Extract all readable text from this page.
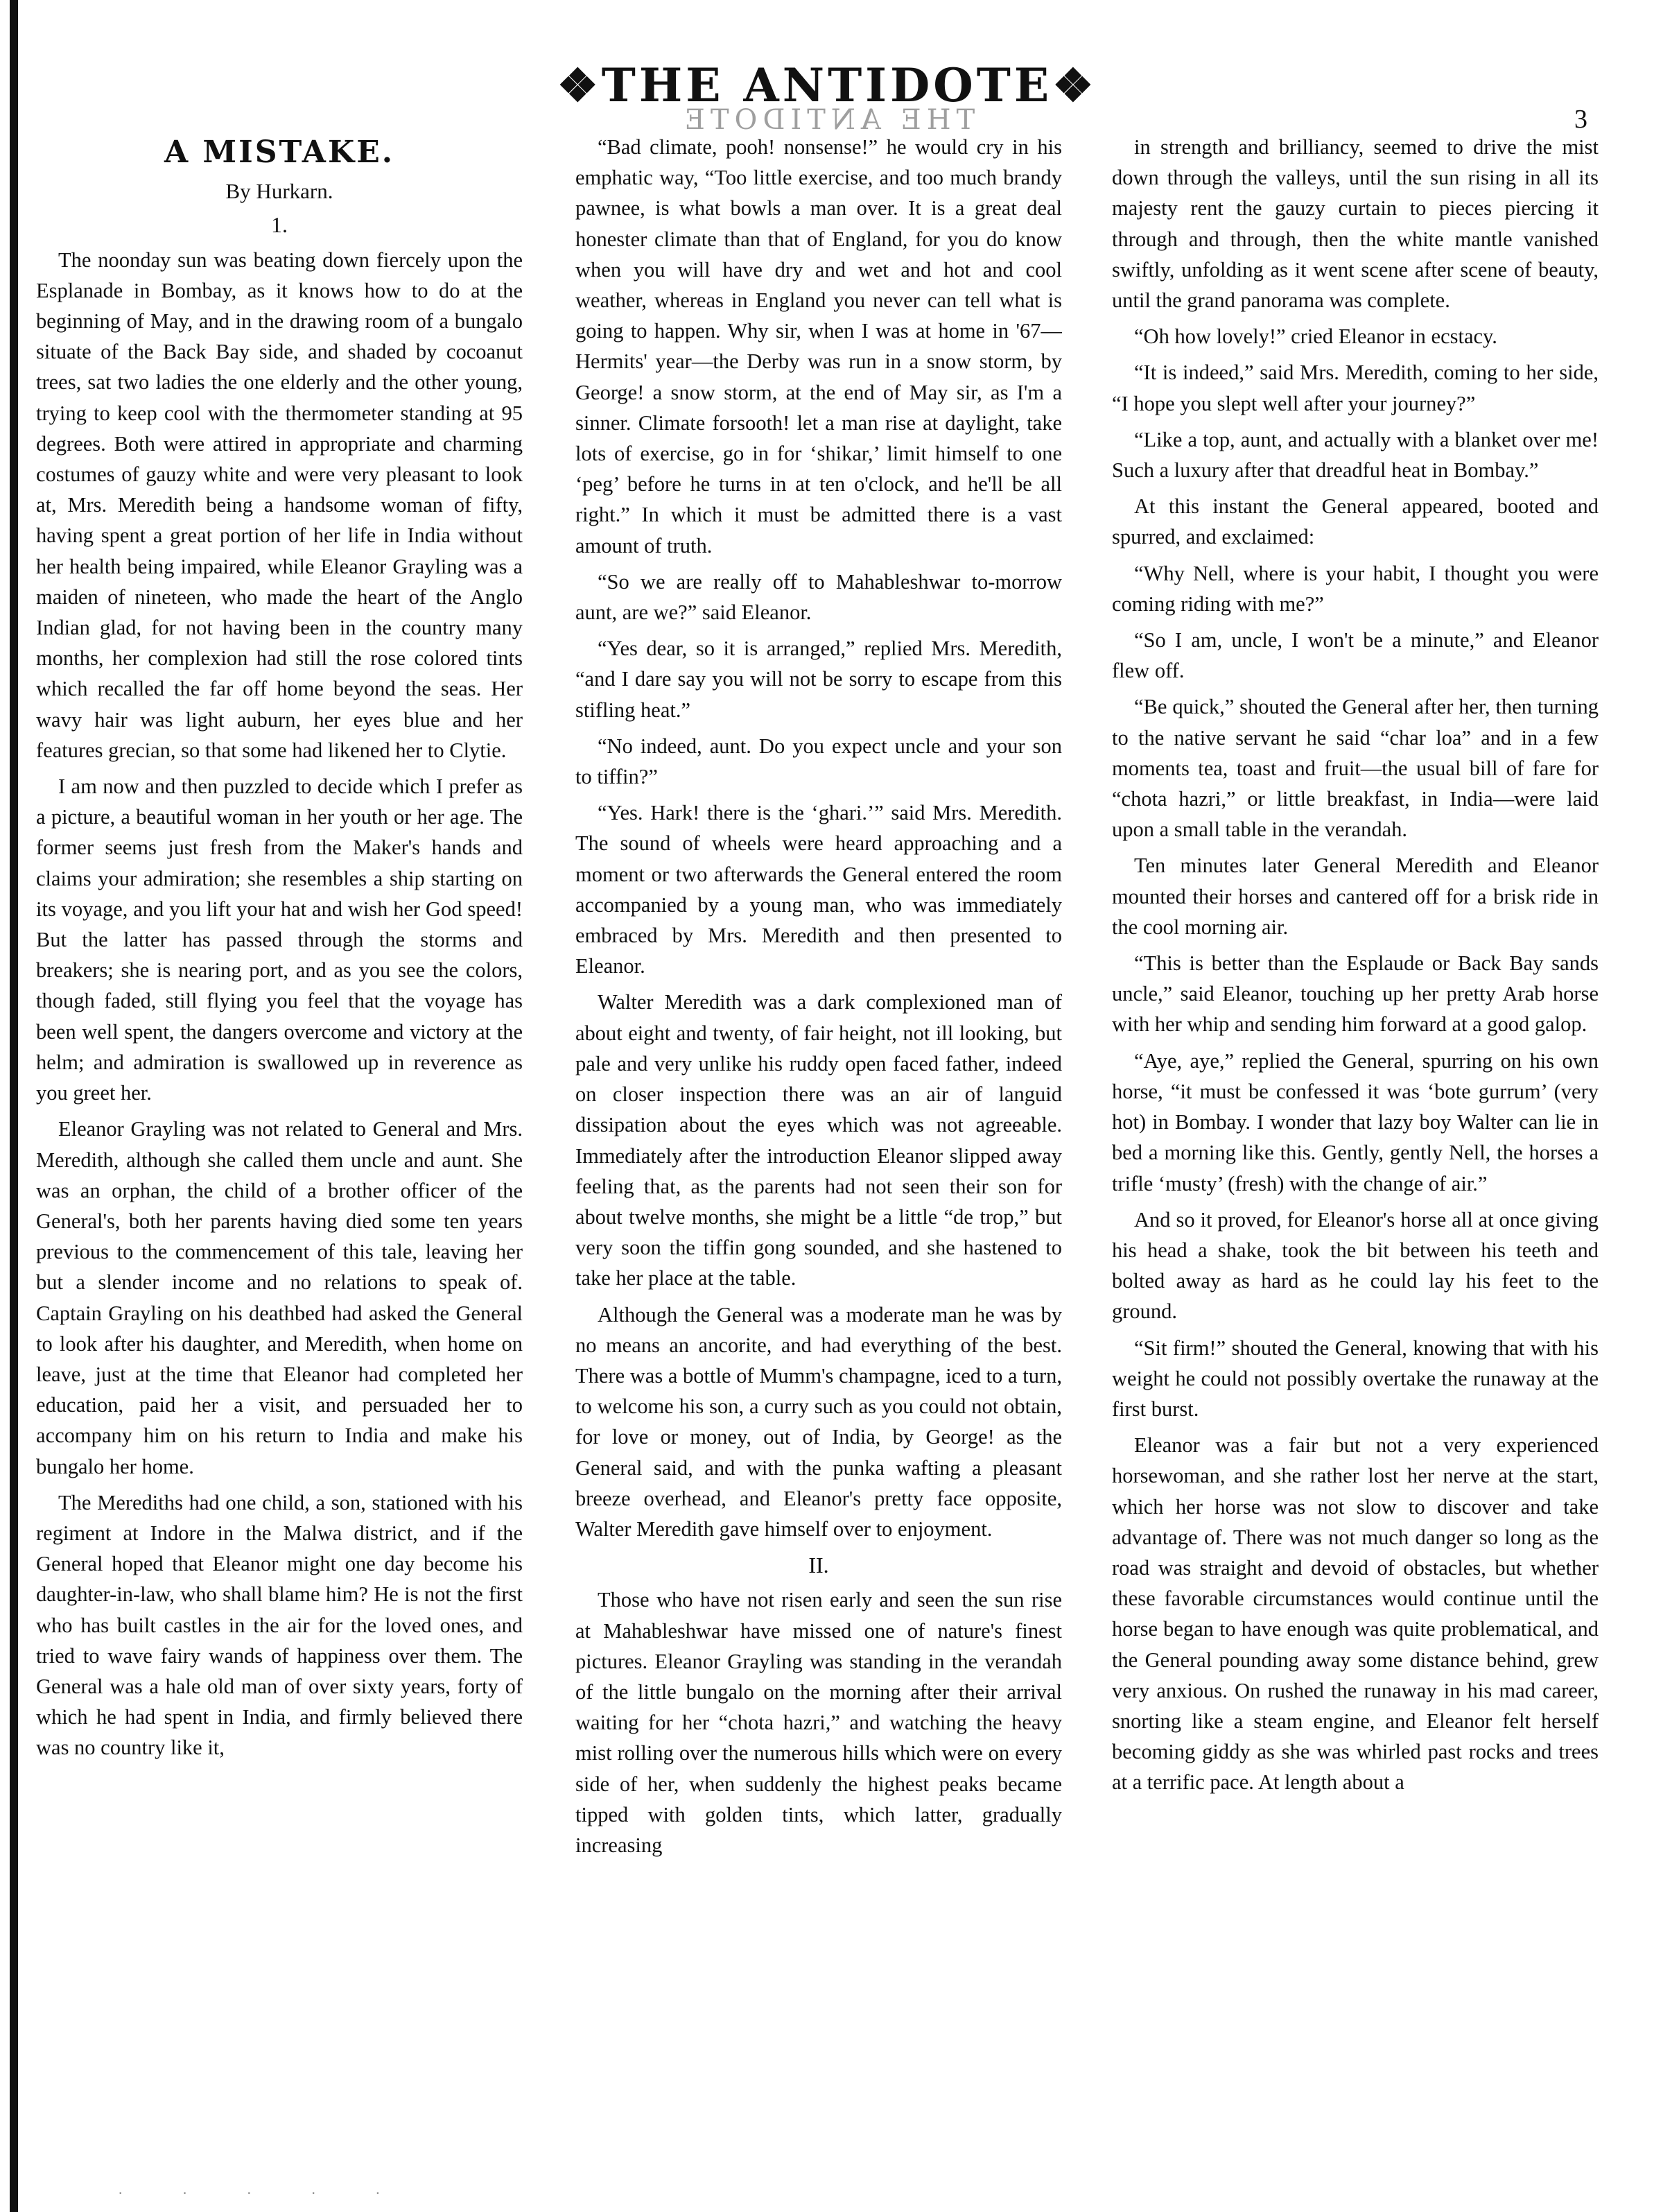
❖THE ANTIDOTE❖
THE ANTIDOTE	3
A MISTAKE.
By Hurkarn.
1.

The noonday sun was beating down fiercely upon the Esplanade in Bombay, as it knows how to do at the beginning of May, and in the drawing room of a bungalo situate of the Back Bay side, and shaded by cocoanut trees, sat two ladies the one elderly and the other young, trying to keep cool with the thermometer standing at 95 degrees. Both were attired in appropriate and charming costumes of gauzy white and were very pleasant to look at, Mrs. Meredith being a handsome woman of fifty, having spent a great portion of her life in India without her health being impaired, while Eleanor Grayling was a maiden of nineteen, who made the heart of the Anglo Indian glad, for not having been in the country many months, her complexion had still the rose colored tints which recalled the far off home beyond the seas. Her wavy hair was light auburn, her eyes blue and her features grecian, so that some had likened her to Clytie.

I am now and then puzzled to decide which I prefer as a picture, a beautiful woman in her youth or her age. The former seems just fresh from the Maker's hands and claims your admiration; she resembles a ship starting on its voyage, and you lift your hat and wish her God speed! But the latter has passed through the storms and breakers; she is nearing port, and as you see the colors, though faded, still flying you feel that the voyage has been well spent, the dangers overcome and victory at the helm; and admiration is swallowed up in reverence as you greet her.

Eleanor Grayling was not related to General and Mrs. Meredith, although she called them uncle and aunt. She was an orphan, the child of a brother officer of the General's, both her parents having died some ten years previous to the commencement of this tale, leaving her but a slender income and no relations to speak of. Captain Grayling on his deathbed had asked the General to look after his daughter, and Meredith, when home on leave, just at the time that Eleanor had completed her education, paid her a visit, and persuaded her to accompany him on his return to India and make his bungalo her home.

The Merediths had one child, a son, stationed with his regiment at Indore in the Malwa district, and if the General hoped that Eleanor might one day become his daughter-in-law, who shall blame him? He is not the first who has built castles in the air for the loved ones, and tried to wave fairy wands of happiness over them. The General was a hale old man of over sixty years, forty of which he had spent in India, and firmly believed there was no country like it,

“Bad climate, pooh! nonsense!” he would cry in his emphatic way, “Too little exercise, and too much brandy pawnee, is what bowls a man over. It is a great deal honester climate than that of England, for you do know when you will have dry and wet and hot and cool weather, whereas in England you never can tell what is going to happen. Why sir, when I was at home in '67—Hermits' year—the Derby was run in a snow storm, by George! a snow storm, at the end of May sir, as I'm a sinner. Climate forsooth! let a man rise at daylight, take lots of exercise, go in for ‘shikar,’ limit himself to one ‘peg’ before he turns in at ten o'clock, and he'll be all right.” In which it must be admitted there is a vast amount of truth.

“So we are really off to Mahableshwar to-morrow aunt, are we?” said Eleanor.

“Yes dear, so it is arranged,” replied Mrs. Meredith, “and I dare say you will not be sorry to escape from this stifling heat.”

“No indeed, aunt. Do you expect uncle and your son to tiffin?”

“Yes. Hark! there is the ‘ghari.’” said Mrs. Meredith. The sound of wheels were heard approaching and a moment or two afterwards the General entered the room accompanied by a young man, who was immediately embraced by Mrs. Meredith and then presented to Eleanor.

Walter Meredith was a dark complexioned man of about eight and twenty, of fair height, not ill looking, but pale and very unlike his ruddy open faced father, indeed on closer inspection there was an air of languid dissipation about the eyes which was not agreeable. Immediately after the introduction Eleanor slipped away feeling that, as the parents had not seen their son for about twelve months, she might be a little “de trop,” but very soon the tiffin gong sounded, and she hastened to take her place at the table.

Although the General was a moderate man he was by no means an ancorite, and had everything of the best. There was a bottle of Mumm's champagne, iced to a turn, to welcome his son, a curry such as you could not obtain, for love or money, out of India, by George! as the General said, and with the punka wafting a pleasant breeze overhead, and Eleanor's pretty face opposite, Walter Meredith gave himself over to enjoyment.

II.

Those who have not risen early and seen the sun rise at Mahableshwar have missed one of nature's finest pictures. Eleanor Grayling was standing in the verandah of the little bungalo on the morning after their arrival waiting for her “chota hazri,” and watching the heavy mist rolling over the numerous hills which were on every side of her, when suddenly the highest peaks became tipped with golden tints, which latter, gradually increasing

in strength and brilliancy, seemed to drive the mist down through the valleys, until the sun rising in all its majesty rent the gauzy curtain to pieces piercing it through and through, then the white mantle vanished swiftly, unfolding as it went scene after scene of beauty, until the grand panorama was complete.

“Oh how lovely!” cried Eleanor in ecstacy.

“It is indeed,” said Mrs. Meredith, coming to her side, “I hope you slept well after your journey?”

“Like a top, aunt, and actually with a blanket over me! Such a luxury after that dreadful heat in Bombay.”

At this instant the General appeared, booted and spurred, and exclaimed:

“Why Nell, where is your habit, I thought you were coming riding with me?”

“So I am, uncle, I won't be a minute,” and Eleanor flew off.

“Be quick,” shouted the General after her, then turning to the native servant he said “char loa” and in a few moments tea, toast and fruit—the usual bill of fare for “chota hazri,” or little breakfast, in India—were laid upon a small table in the verandah.

Ten minutes later General Meredith and Eleanor mounted their horses and cantered off for a brisk ride in the cool morning air.

“This is better than the Esplaude or Back Bay sands uncle,” said Eleanor, touching up her pretty Arab horse with her whip and sending him forward at a good galop.

“Aye, aye,” replied the General, spurring on his own horse, “it must be confessed it was ‘bote gurrum’ (very hot) in Bombay. I wonder that lazy boy Walter can lie in bed a morning like this. Gently, gently Nell, the horses a trifle ‘musty’ (fresh) with the change of air.”

And so it proved, for Eleanor's horse all at once giving his head a shake, took the bit between his teeth and bolted away as hard as he could lay his feet to the ground.

“Sit firm!” shouted the General, knowing that with his weight he could not possibly overtake the runaway at the first burst.

Eleanor was a fair but not a very experienced horsewoman, and she rather lost her nerve at the start, which her horse was not slow to discover and take advantage of. There was not much danger so long as the road was straight and devoid of obstacles, but whether these favorable circumstances would continue until the horse began to have enough was quite problematical, and the General pounding away some distance behind, grew very anxious. On rushed the runaway in his mad career, snorting like a steam engine, and Eleanor felt herself becoming giddy as she was whirled past rocks and trees at a terrific pace. At length about a

· · · · ·
